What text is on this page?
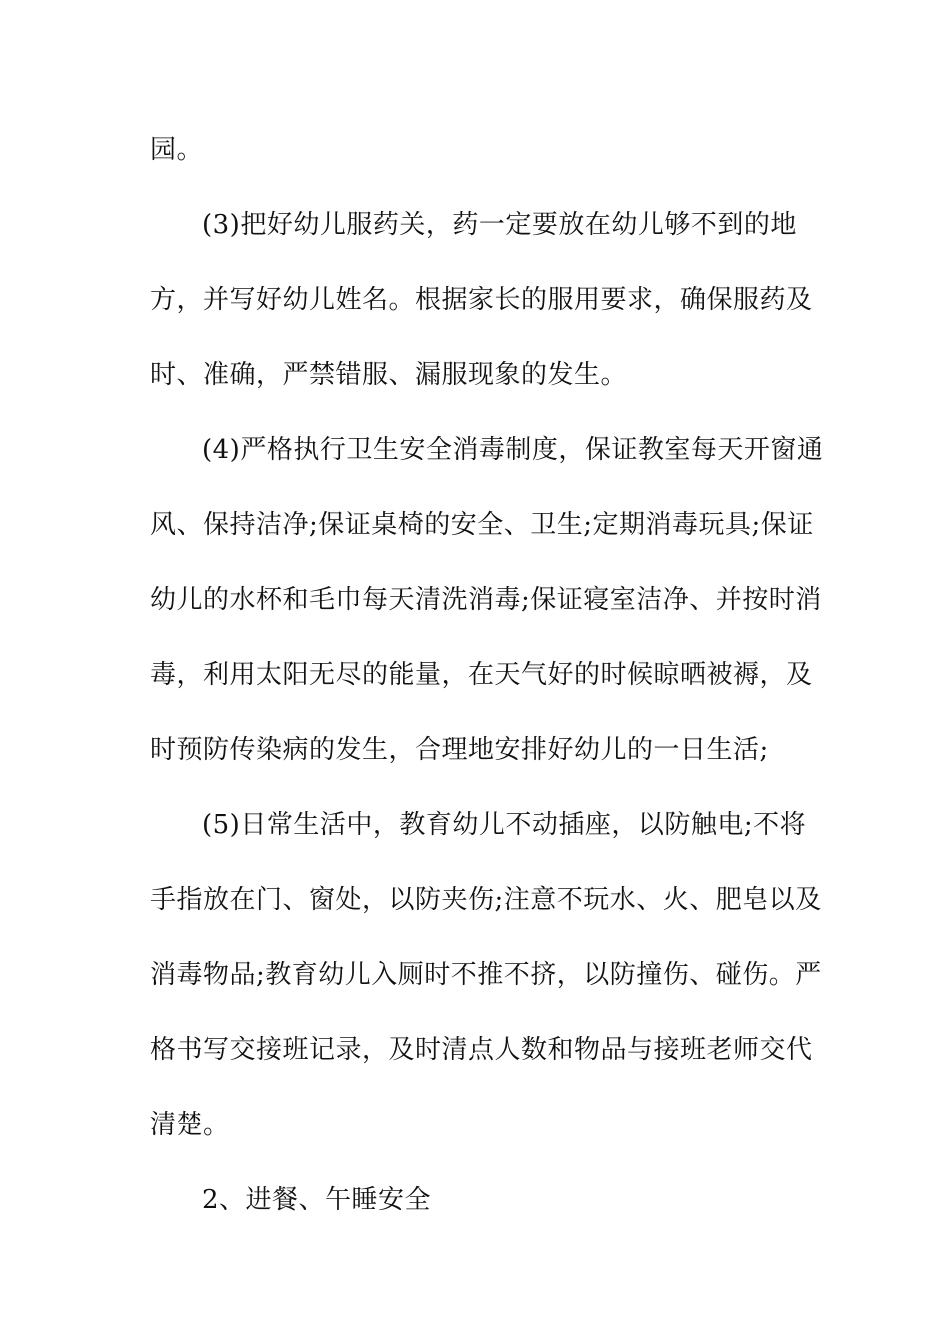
园。
(3)把好幼儿服药关，药一定要放在幼儿够不到的地
方，并写好幼儿姓名。根据家长的服用要求，确保服药及
时、准确，严禁错服、漏服现象的发生。
(4)严格执行卫生安全消毒制度，保证教室每天开窗通
风、保持洁净;保证桌椅的安全、卫生;定期消毒玩具;保证
幼儿的水杯和毛巾每天清洗消毒;保证寝室洁净、并按时消
毒，利用太阳无尽的能量，在天气好的时候晾晒被褥，及
时预防传染病的发生，合理地安排好幼儿的一日生活;
(5)日常生活中，教育幼儿不动插座，以防触电;不将
手指放在门、窗处，以防夹伤;注意不玩水、火、肥皂以及
消毒物品;教育幼儿入厕时不推不挤，以防撞伤、碰伤。严
格书写交接班记录，及时清点人数和物品与接班老师交代
清楚。
2、进餐、午睡安全
